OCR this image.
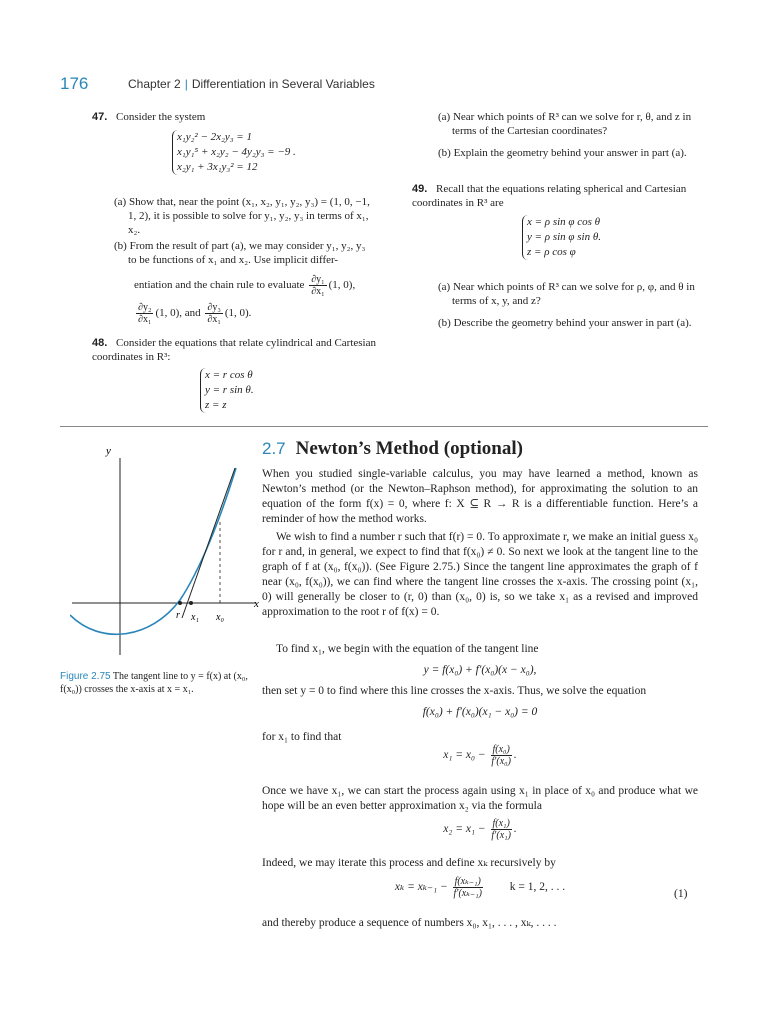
176	Chapter 2 | Differentiation in Several Variables
47. Consider the system
x₁y₂² − 2x₂y₃ = 1
x₁y₁⁵ + x₂y₂ − 4y₂y₃ = −9 .
x₂y₁ + 3x₁y₃² = 12
(a) Show that, near the point (x₁, x₂, y₁, y₂, y₃) = (1, 0, −1, 1, 2), it is possible to solve for y₁, y₂, y₃ in terms of x₁, x₂.
(b) From the result of part (a), we may consider y₁, y₂, y₃ to be functions of x₁ and x₂. Use implicit differ-
entiation and the chain rule to evaluate $\frac{\text{∂y₁}}{\text{∂x₁}} (1$, 0),
$\frac{\text{∂y₂}}{\text{∂x₁}} (1$, 0), and $\frac{\text{∂y₃}}{\text{∂x₁}} (1$, 0).
48. Consider the equations that relate cylindrical and Cartesian coordinates in R³:
x = r cos θ
y = r sin θ.
z = z
(a) Near which points of R³ can we solve for r, θ, and z in terms of the Cartesian coordinates?
(b) Explain the geometry behind your answer in part (a).
49. Recall that the equations relating spherical and Cartesian coordinates in R³ are
x = ρ sin φ cos θ
y = ρ sin φ sin θ.
z = ρ cos φ
(a) Near which points of R³ can we solve for ρ, φ, and θ in terms of x, y, and z?
(b) Describe the geometry behind your answer in part (a).
y
x
r x₁ x₀
Figure 2.75 The tangent line to y = f(x) at (x₀, f(x₀)) crosses the x-axis at x = x₁.
2.7 Newton’s Method (optional)
When you studied single-variable calculus, you may have learned a method, known as Newton’s method (or the Newton–Raphson method), for approximating the solution to an equation of the form f(x) = 0, where f: X ⊆ R → R is a differentiable function. Here’s a reminder of how the method works.
We wish to find a number r such that f(r) = 0. To approximate r, we make an initial guess x₀ for r and, in general, we expect to find that f(x₀) ≠ 0. So next we look at the tangent line to the graph of f at (x₀, f(x₀)). (See Figure 2.75.) Since the tangent line approximates the graph of f near (x₀, f(x₀)), we can find where the tangent line crosses the x-axis. The crossing point (x₁, 0) will generally be closer to (r, 0) than (x₀, 0) is, so we take x₁ as a revised and improved approximation to the root r of f(x) = 0.
To find x₁, we begin with the equation of the tangent line
y = f(x₀) + f′(x₀)(x − x₀),
then set y = 0 to find where this line crosses the x-axis. Thus, we solve the equation
f(x₀) + f′(x₀)(x₁ − x₀) = 0
for x₁ to find that
$x_1 = x_0 - \frac{\text{f(x₀)}}{\text{f′(x₀)}}$ .
Once we have x₁, we can start the process again using x₁ in place of x₀ and produce what we hope will be an even better approximation x₂ via the formula
$x_2 = x_1 - \frac{\text{f(x₁)}}{\text{f′(x₁)}}$ .
Indeed, we may iterate this process and define xₖ recursively by
$x_k = x_{k-1} - \frac{\text{f(xₖ₋₁)}}{\text{f′(xₖ₋₁)}}$ k = 1, 2, . . .
(1)
and thereby produce a sequence of numbers x₀, x₁, . . . , xₖ, . . . .
